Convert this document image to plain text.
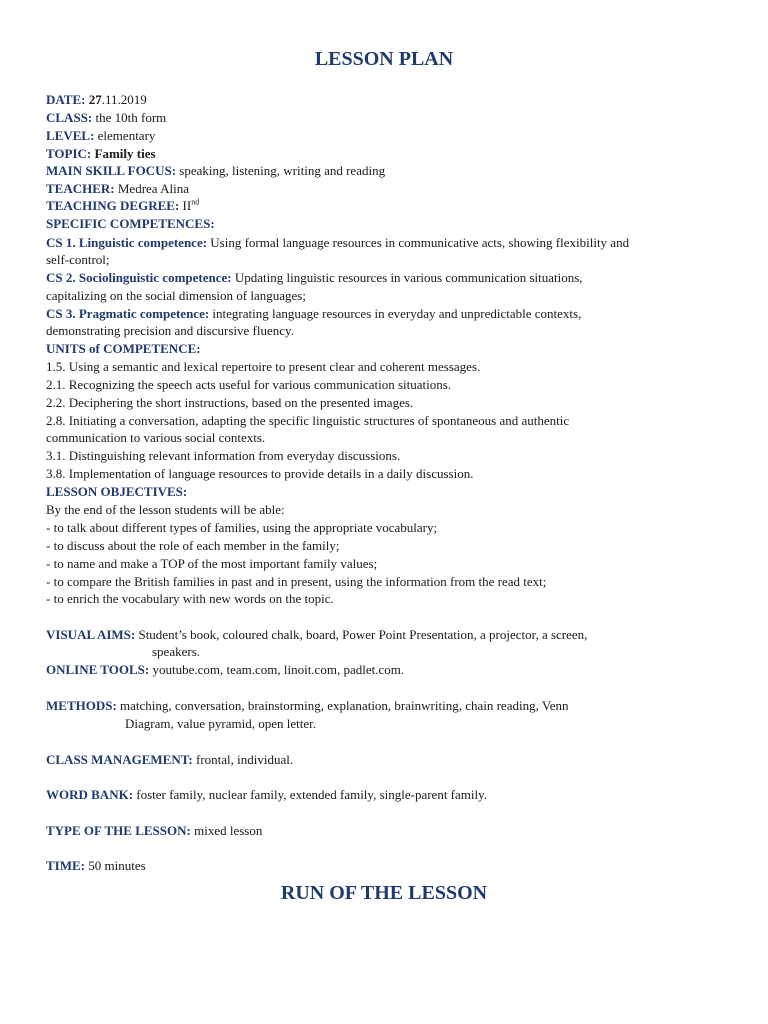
LESSON PLAN
DATE: 27.11.2019
CLASS: the 10th form
LEVEL: elementary
TOPIC: Family ties
MAIN SKILL FOCUS: speaking, listening, writing and reading
TEACHER: Medrea Alina
TEACHING DEGREE: IInd
SPECIFIC COMPETENCES:
CS 1. Linguistic competence: Using formal language resources in communicative acts, showing flexibility and
self-control;
CS 2. Sociolinguistic competence: Updating linguistic resources in various communication situations,
capitalizing on the social dimension of languages;
CS 3. Pragmatic competence: integrating language resources in everyday and unpredictable contexts,
demonstrating precision and discursive fluency.
UNITS of COMPETENCE:
1.5. Using a semantic and lexical repertoire to present clear and coherent messages.
2.1. Recognizing the speech acts useful for various communication situations.
2.2. Deciphering the short instructions, based on the presented images.
2.8. Initiating a conversation, adapting the specific linguistic structures of spontaneous and authentic
communication to various social contexts.
3.1. Distinguishing relevant information from everyday discussions.
3.8. Implementation of language resources to provide details in a daily discussion.
LESSON OBJECTIVES:
By the end of the lesson students will be able:
- to talk about different types of families, using the appropriate vocabulary;
- to discuss about the role of each member in the family;
- to name and make a TOP of the most important family values;
- to compare the British families in past and in present, using the information from the read text;
- to enrich the vocabulary with new words on the topic.
VISUAL AIMS: Student’s book, coloured chalk, board, Power Point Presentation, a projector, a screen,
speakers.
ONLINE TOOLS: youtube.com, team.com, linoit.com, padlet.com.
METHODS: matching, conversation, brainstorming, explanation, brainwriting, chain reading, Venn
Diagram, value pyramid, open letter.
CLASS MANAGEMENT: frontal, individual.
WORD BANK: foster family, nuclear family, extended family, single-parent family.
TYPE OF THE LESSON: mixed lesson
TIME: 50 minutes
RUN OF THE LESSON
